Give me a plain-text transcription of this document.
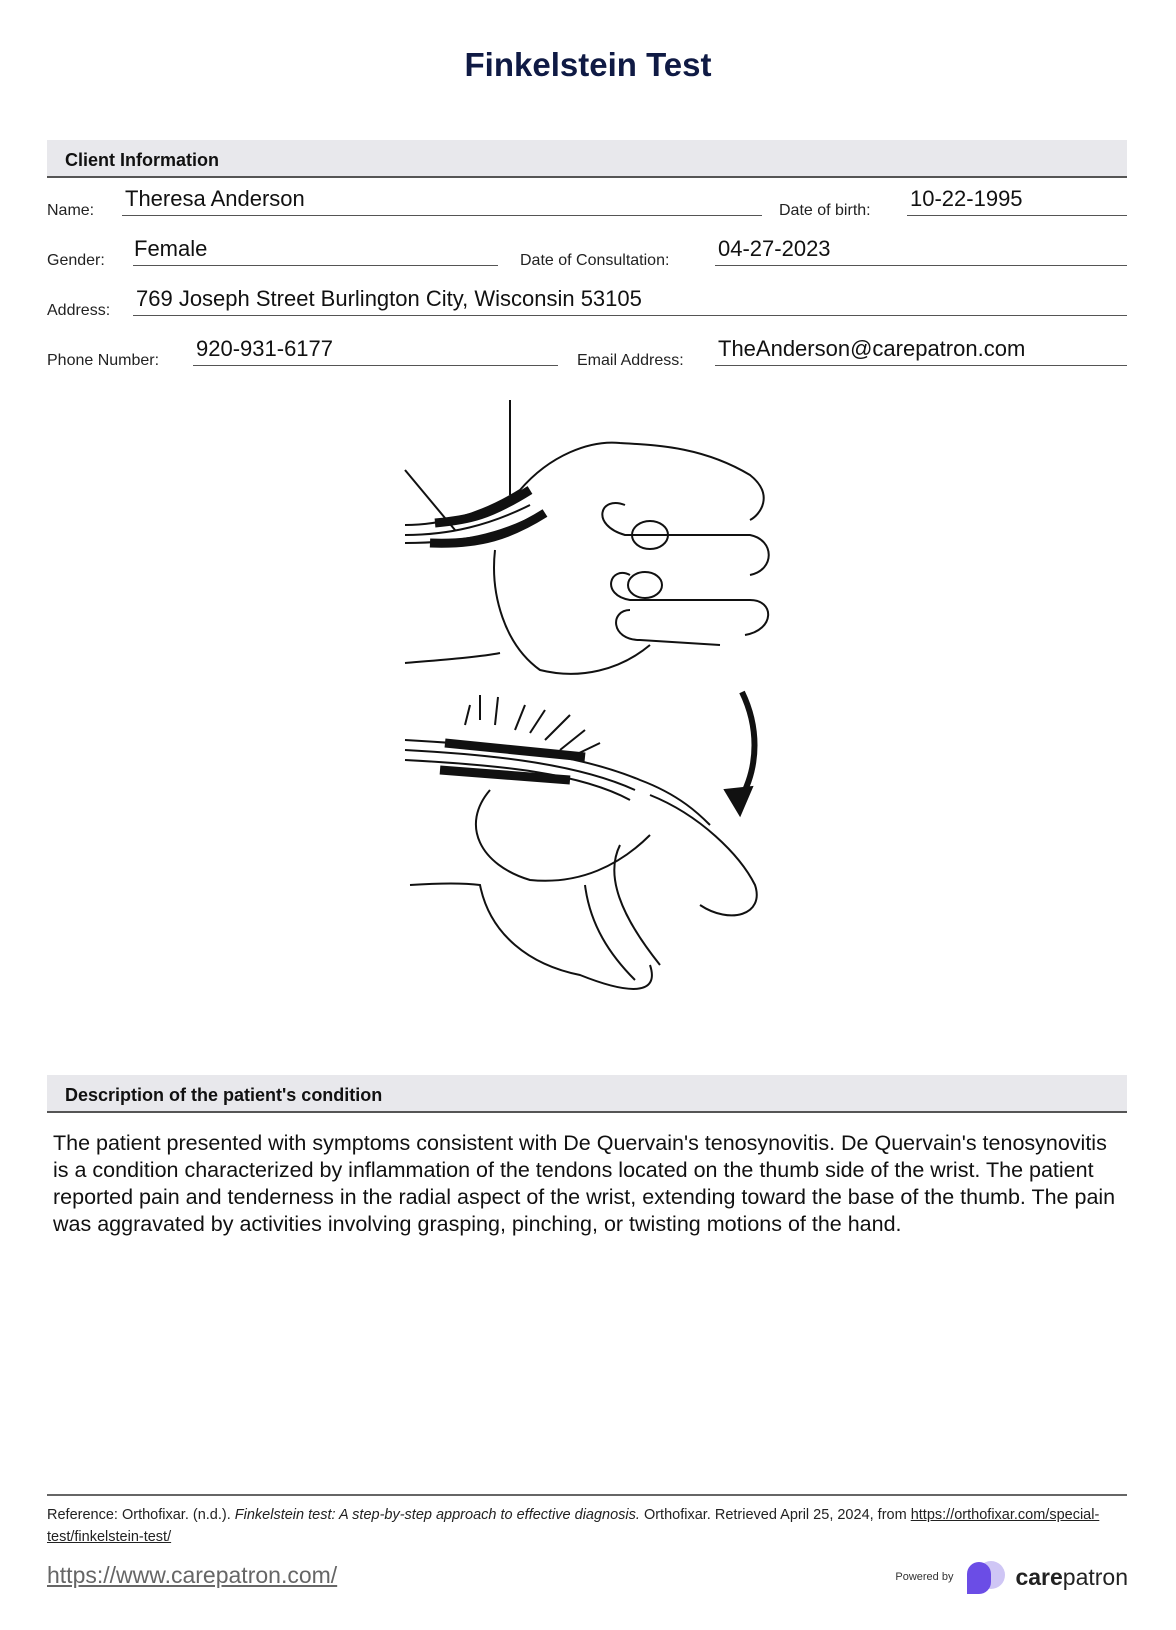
Finkelstein Test
Client Information
Name: Theresa Anderson	Date of birth: 10-22-1995
Gender: Female	Date of Consultation: 04-27-2023
Address: 769 Joseph Street Burlington City, Wisconsin 53105
Phone Number: 920-931-6177	Email Address: TheAnderson@carepatron.com
Description of the patient's condition
The patient presented with symptoms consistent with De Quervain's tenosynovitis. De Quervain's tenosynovitis is a condition characterized by inflammation of the tendons located on the thumb side of the wrist. The patient reported pain and tenderness in the radial aspect of the wrist, extending toward the base of the thumb. The pain was aggravated by activities involving grasping, pinching, or twisting motions of the hand.
Reference: Orthofixar. (n.d.). Finkelstein test: A step-by-step approach to effective diagnosis. Orthofixar. Retrieved April 25, 2024, from https://orthofixar.com/special-test/finkelstein-test/
https://www.carepatron.com/	Powered by	carepatron
